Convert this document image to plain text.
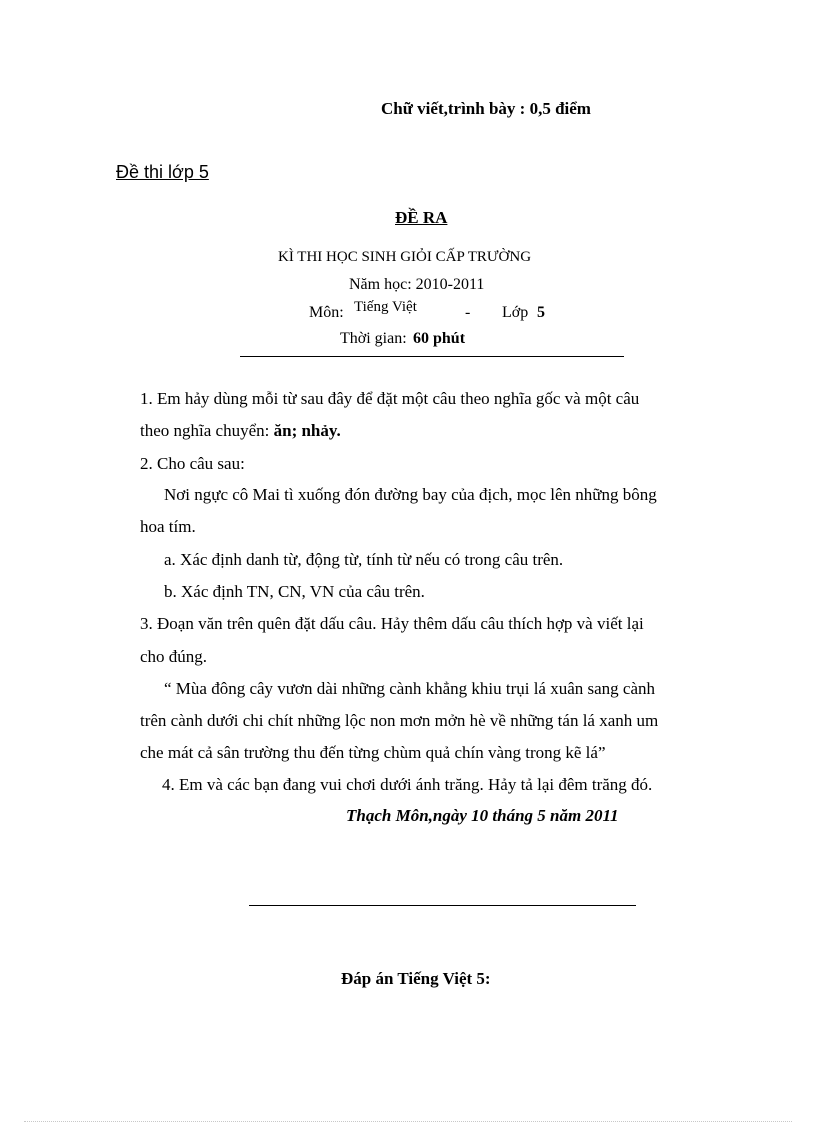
Chữ viết,trình bày : 0,5 điểm
Đề thi lớp 5
ĐỀ RA
KÌ THI HỌC SINH GIỎI CẤP TRƯỜNG
Năm học: 2010-2011
Môn: Tiếng Việt	- Lớp 5
Thời gian: 60 phút
1. Em hảy dùng mỗi từ sau đây để đặt một câu theo nghĩa gốc và một câu
theo nghĩa chuyển: ăn; nhảy.
2. Cho câu sau:
Nơi ngực cô Mai tì xuống đón đường bay của địch, mọc lên những bông
hoa tím.
a. Xác định danh từ, động từ, tính từ nếu có trong câu trên.
b. Xác định TN, CN, VN của câu trên.
3. Đoạn văn trên quên đặt dấu câu. Hảy thêm dấu câu thích hợp và viết lại
cho đúng.
“ Mùa đông cây vươn dài những cành khẳng khiu trụi lá xuân sang cành
trên cành dưới chi chít những lộc non mơn mởn hè về những tán lá xanh um
che mát cả sân trường thu đến từng chùm quả chín vàng trong kẽ lá”
4. Em và các bạn đang vui chơi dưới ánh trăng. Hảy tả lại đêm trăng đó.
Thạch Môn,ngày 10 tháng 5 năm 2011
Đáp án Tiếng Việt 5:
